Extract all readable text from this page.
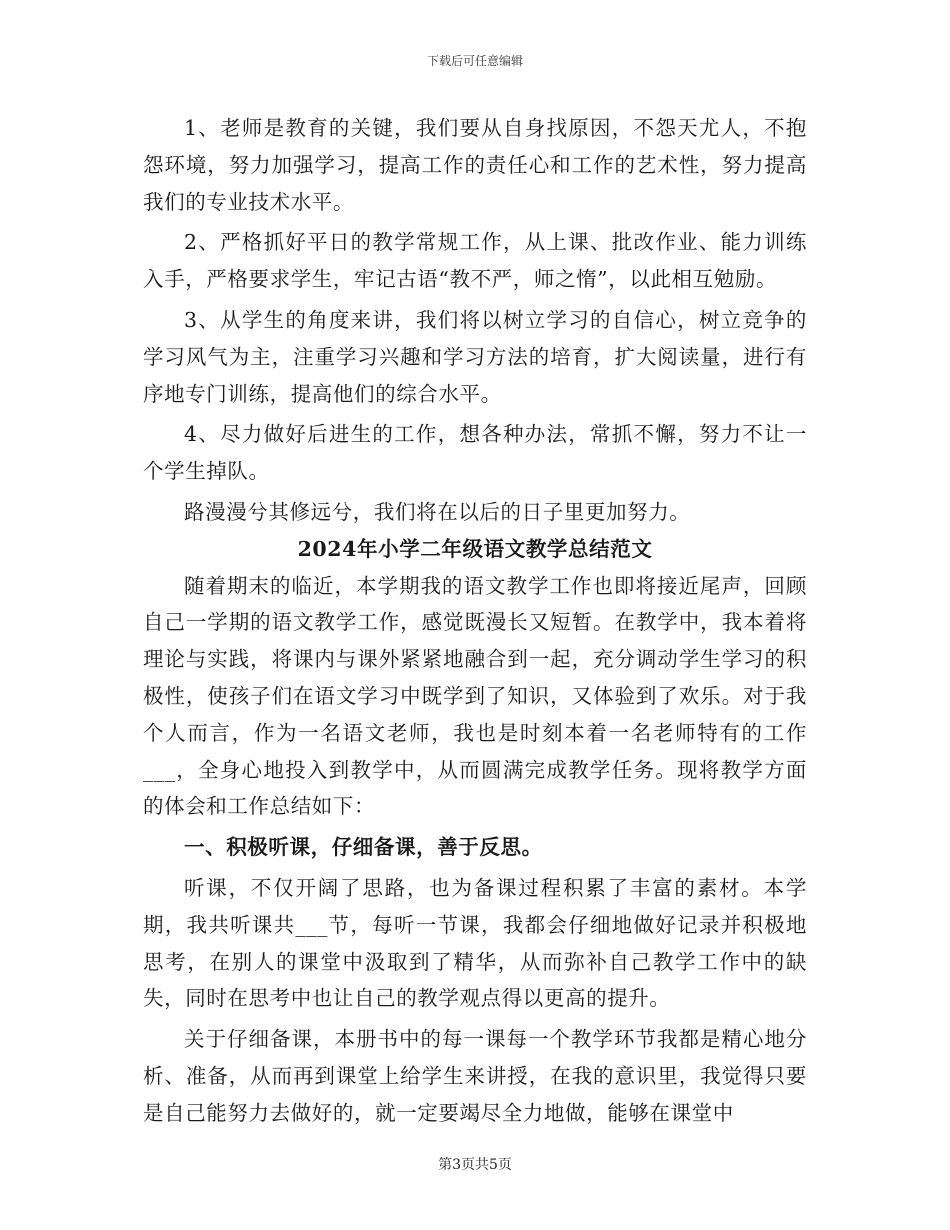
下载后可任意编辑

1、老师是教育的关键，我们要从自身找原因，不怨天尤人，不抱怨环境，努力加强学习，提高工作的责任心和工作的艺术性，努力提高我们的专业技术水平。

2、严格抓好平日的教学常规工作，从上课、批改作业、能力训练入手，严格要求学生，牢记古语“教不严，师之惰”，以此相互勉励。

3、从学生的角度来讲，我们将以树立学习的自信心，树立竞争的学习风气为主，注重学习兴趣和学习方法的培育，扩大阅读量，进行有序地专门训练，提高他们的综合水平。

4、尽力做好后进生的工作，想各种办法，常抓不懈，努力不让一个学生掉队。

路漫漫兮其修远兮，我们将在以后的日子里更加努力。

2024年小学二年级语文教学总结范文

随着期末的临近，本学期我的语文教学工作也即将接近尾声，回顾自己一学期的语文教学工作，感觉既漫长又短暂。在教学中，我本着将理论与实践，将课内与课外紧紧地融合到一起，充分调动学生学习的积极性，使孩子们在语文学习中既学到了知识，又体验到了欢乐。对于我个人而言，作为一名语文老师，我也是时刻本着一名老师特有的工作___，全身心地投入到教学中，从而圆满完成教学任务。现将教学方面的体会和工作总结如下：

一、积极听课，仔细备课，善于反思。

听课，不仅开阔了思路，也为备课过程积累了丰富的素材。本学期，我共听课共___节，每听一节课，我都会仔细地做好记录并积极地思考，在别人的课堂中汲取到了精华，从而弥补自己教学工作中的缺失，同时在思考中也让自己的教学观点得以更高的提升。

关于仔细备课，本册书中的每一课每一个教学环节我都是精心地分析、准备，从而再到课堂上给学生来讲授，在我的意识里，我觉得只要是自己能努力去做好的，就一定要竭尽全力地做，能够在课堂中

第3页共5页
